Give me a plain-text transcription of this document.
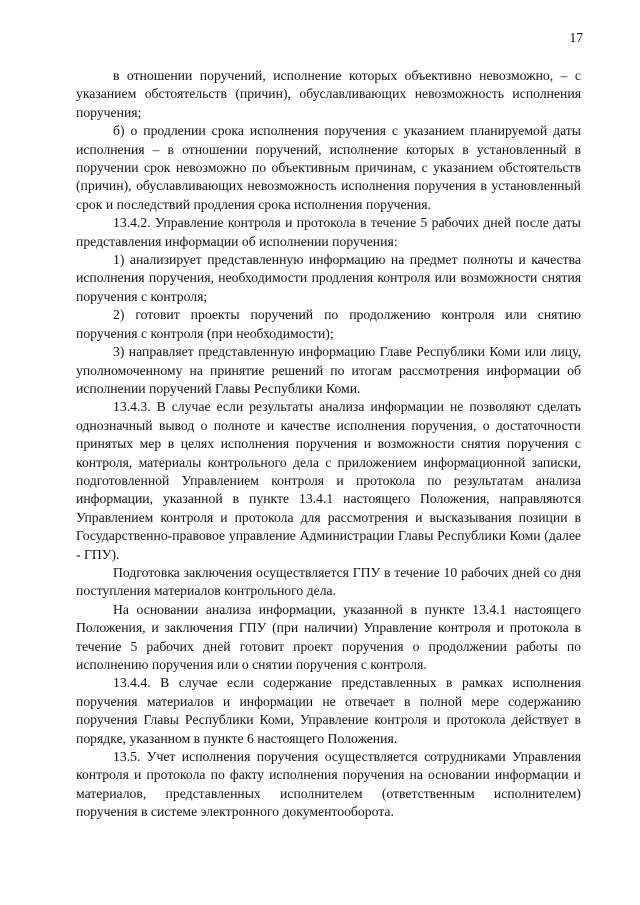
17

в отношении поручений, исполнение которых объективно невозможно, – с указанием обстоятельств (причин), обуславливающих невозможность исполнения поручения;

б) о продлении срока исполнения поручения с указанием планируемой даты исполнения – в отношении поручений, исполнение которых в установленный в поручении срок невозможно по объективным причинам, с указанием обстоятельств (причин), обуславливающих невозможность исполнения поручения в установленный срок и последствий продления срока исполнения поручения.

13.4.2. Управление контроля и протокола в течение 5 рабочих дней после даты представления информации об исполнении поручения:

1) анализирует представленную информацию на предмет полноты и качества исполнения поручения, необходимости продления контроля или возможности снятия поручения с контроля;

2) готовит проекты поручений по продолжению контроля или снятию поручения с контроля (при необходимости);

3) направляет представленную информацию Главе Республики Коми или лицу, уполномоченному на принятие решений по итогам рассмотрения информации об исполнении поручений Главы Республики Коми.

13.4.3. В случае если результаты анализа информации не позволяют сделать однозначный вывод о полноте и качестве исполнения поручения, о достаточности принятых мер в целях исполнения поручения и возможности снятия поручения с контроля, материалы контрольного дела с приложением информационной записки, подготовленной Управлением контроля и протокола по результатам анализа информации, указанной в пункте 13.4.1 настоящего Положения, направляются Управлением контроля и протокола для рассмотрения и высказывания позиции в Государственно-правовое управление Администрации Главы Республики Коми (далее - ГПУ).

Подготовка заключения осуществляется ГПУ в течение 10 рабочих дней со дня поступления материалов контрольного дела.

На основании анализа информации, указанной в пункте 13.4.1 настоящего Положения, и заключения ГПУ (при наличии) Управление контроля и протокола в течение 5 рабочих дней готовит проект поручения о продолжении работы по исполнению поручения или о снятии поручения с контроля.

13.4.4. В случае если содержание представленных в рамках исполнения поручения материалов и информации не отвечает в полной мере содержанию поручения Главы Республики Коми, Управление контроля и протокола действует в порядке, указанном в пункте 6 настоящего Положения.

13.5. Учет исполнения поручения осуществляется сотрудниками Управления контроля и протокола по факту исполнения поручения на основании информации и материалов, представленных исполнителем (ответственным исполнителем) поручения в системе электронного документооборота.
